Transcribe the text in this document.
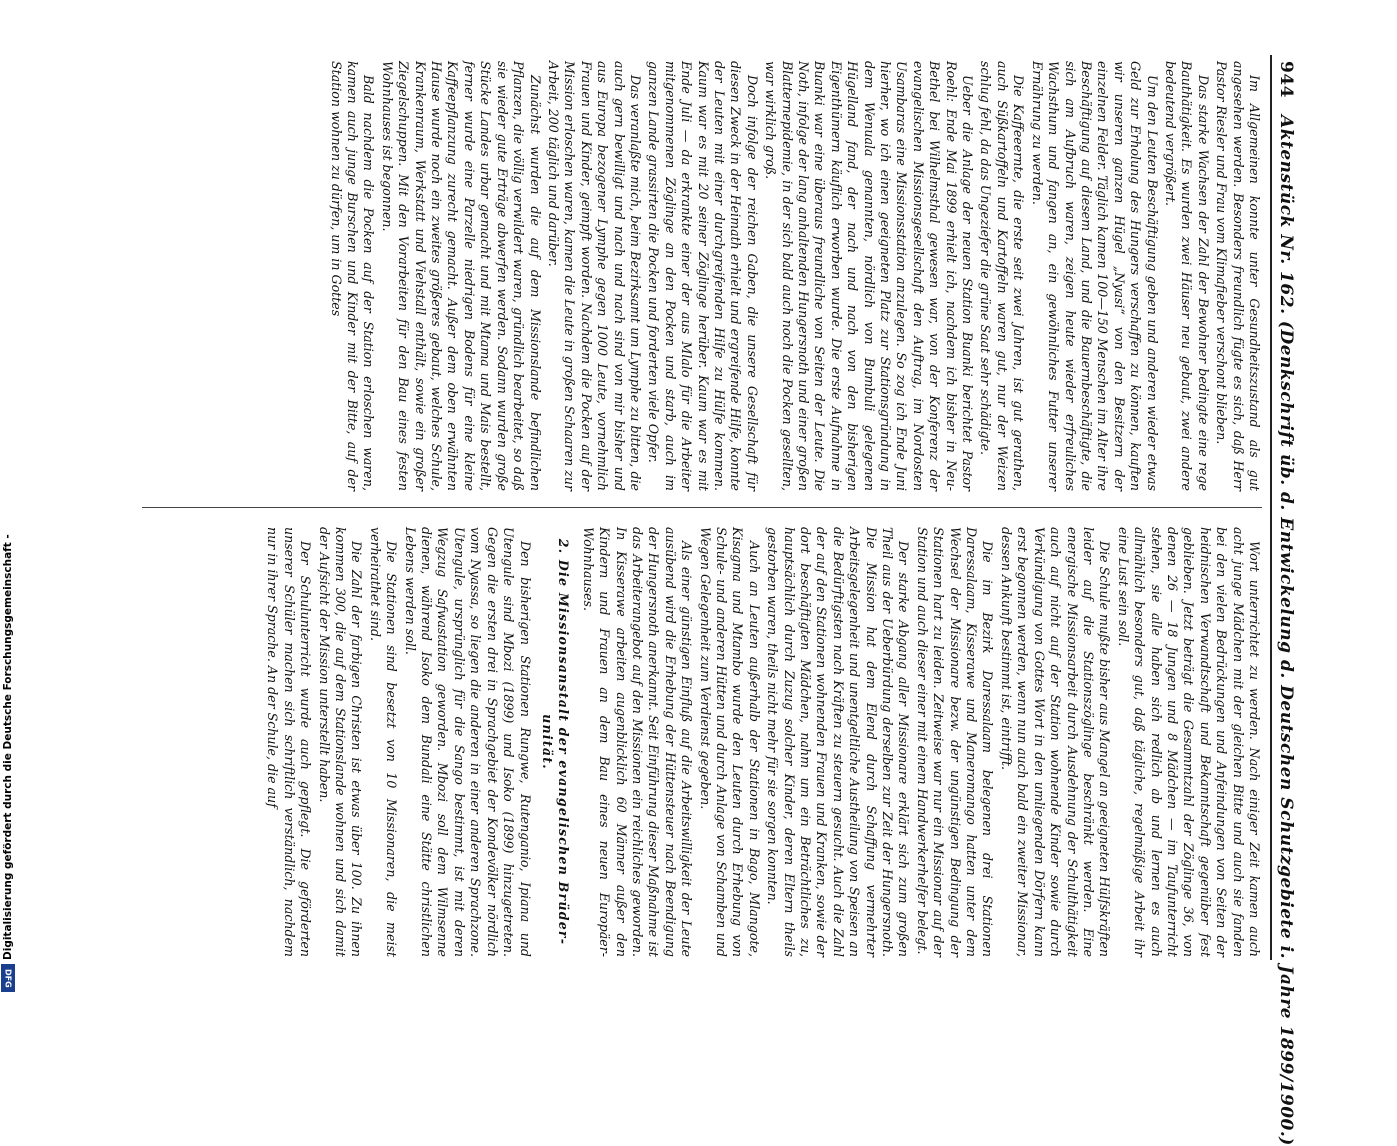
944
Aktenstück Nr. 162. (Denkschrift üb. d. Entwickelung d. Deutschen Schutzgebiete i. Jahre 1899/1900.)

Im Allgemeinen konnte unter Gesundheitszustand als gut angesehen werden. Besonders freundlich fügte es sich, daß Herr Pastor Riesler und Frau vom Klimafieber verschont blieben.

Das starke Wachsen der Zahl der Bewohner bedingte eine rege Bauthätigkeit. Es wurden zwei Häuser neu gebaut, zwei andere bedeutend vergrößert.

Um den Leuten Beschäftigung geben und anderen wieder etwas Geld zur Erholung des Hungers verschaffen zu können, kauften wir unseren ganzen Hügel „Nyasi“ von den Besitzern der einzelnen Felder. Täglich kamen 100—150 Menschen im Alter ihre Beschäftigung auf diesem Land, und die Bauernbeschäftigte, die sich am Aufbruch waren, zeigen heute wieder erfreuliches Wachsthum und fangen an, ein gewöhnliches Futter unserer Ernährung zu werden.

Die Kaffeeernte, die erste seit zwei Jahren, ist gut gerathen, auch Süßkartoffeln und Kartoffeln waren gut, nur der Weizen schlug fehl, da das Ungeziefer die grüne Saat sehr schädigte.

Ueber die Anlage der neuen Station Buanki berichtet Pastor Roehl: Ende Mai 1899 erhielt ich, nachdem ich bisher in Neu-Bethel bei Wilhelmsthal gewesen war, von der Konferenz der evangelischen Missionsgesellschaft den Auftrag, im Nordosten Usambaras eine Missionsstation anzulegen. So zog ich Ende Juni hierher, wo ich einen geeigneten Platz zur Stationsgründung in dem Wenuala genannten, nördlich von Bumbuli gelegenen Hügelland fand, der nach und nach von den bisherigen Eigenthümern käuflich erworben wurde. Die erste Aufnahme in Buanki war eine überaus freundliche von Seiten der Leute. Die Noth, infolge der lang anhaltenden Hungersnoth und einer großen Blatternepidemie, in der sich bald auch noch die Pocken gesellten, war wirklich groß.

Doch infolge der reichen Gaben, die unsere Gesellschaft für diesen Zweck in der Heimath erhielt und ergreifende Hilfe, konnte der Leuten mit einer durchgreifenden Hilfe zu Hülfe kommen. Kaum war es mit 20 seiner Zöglinge herüber. Kaum war es mit Ende Juli — da erkrankte einer der aus Mlalo für die Arbeiter mitgenommenen Zöglinge an den Pocken und starb, auch im ganzen Lande grassirten die Pocken und forderten viele Opfer.

Das veranlaßte mich, beim Bezirksamt um Lymphe zu bitten, die auch gern bewilligt und nach und nach sind von mir bisher und aus Europa bezogener Lymphe gegen 1000 Leute, vornehmlich Frauen und Kinder, geimpft worden. Nachdem die Pocken auf der Mission erloschen waren, kamen die Leute in großen Schaaren zur Arbeit, 200 täglich und darüber.

Zunächst wurden die auf dem Missionslande befindlichen Pflanzen, die völlig verwildert waren, gründlich bearbeitet, so daß sie wieder gute Erträge abwerfen werden. Sodann wurden große Stücke Landes urbar gemacht und mit Mtama und Mais bestellt, ferner wurde eine Parzelle niedrigen Bodens für eine kleine Kaffeepflanzung zurecht gemacht. Außer dem oben erwähnten Hause wurde noch ein zweites größeres gebaut, welches Schule, Krankenraum, Werkstatt und Viehstall enthält, sowie ein großer Ziegelschuppen. Mit den Vorarbeiten für den Bau eines festen Wohnhauses ist begonnen.

Bald nachdem die Pocken auf der Station erloschen waren, kamen auch junge Burschen und Kinder mit der Bitte, auf der Station wohnen zu dürfen, um in Gottes

Wort unterrichtet zu werden. Nach einiger Zeit kamen auch acht junge Mädchen mit der gleichen Bitte und auch sie fanden bei den vielen Bedrückungen und Anfeindungen von Seiten der heidnischen Verwandtschaft und Bekanntschaft gegenüber fest geblieben. Jetzt beträgt die Gesammtzahl der Zöglinge 36, von denen 26 — 18 Jungen und 8 Mädchen — im Taufunterricht stehen, sie alle haben sich redlich ab und lernen es auch allmählich besonders gut, daß tägliche, regelmäßige Arbeit ihr eine Lust sein soll.

Die Schule mußte bisher aus Mangel an geeigneten Hülfskräften leider auf die Stationszöglinge beschränkt werden. Eine energische Missionsarbeit durch Ausdehnung der Schulthätigkeit auch auf nicht auf der Station wohnende Kinder sowie durch Verkündigung von Gottes Wort in den umliegenden Dörfern kann erst begonnen werden, wenn nun auch bald ein zweiter Missionar, dessen Ankunft bestimmt ist, eintrifft.

Die im Bezirk Daressalaam belegenen drei Stationen Daressalaam, Kisserawe und Maneromango hatten unter dem Wechsel der Missionare bezw. der ungünstigen Bedingung der Stationen hart zu leiden. Zeitweise war nur ein Missionar auf der Station und auch dieser einer mit einem Handwerkerhelfer belegt.

Der starke Abgang aller Missionare erklärt sich zum großen Theil aus der Ueberbürdung derselben zur Zeit der Hungersnoth. Die Mission hat dem Elend durch Schaffung vermehrter Arbeitsgelegenheit und unentgeltliche Austheilung von Speisen an die Bedürftigsten nach Kräften zu steuern gesucht. Auch die Zahl der auf den Stationen wohnenden Frauen und Kranken, sowie der dort beschäftigten Mädchen, nahm um ein Beträchtliches zu, hauptsächlich durch Zuzug solcher Kinder, deren Eltern theils gestorben waren, theils nicht mehr für sie sorgen konnten.

Auch an Leuten außerhalb der Stationen in Bago, Mlangote, Kisagma und Mtambo wurde den Leuten durch Erhebung von Schule- und anderen Hütten und durch Anlage von Schamben und Wegen Gelegenheit zum Verdienst gegeben.

Als einer günstigen Einfluß auf die Arbeitswilligkeit der Leute ausübend wird die Erhebung der Hüttensteuer nach Beendigung der Hungersnoth anerkannt. Seit Einführung dieser Maßnahme ist das Arbeiterangebot auf den Missionen ein reichliches geworden. In Kisserawe arbeiten augenblicklich 60 Männer außer den Kindern und Frauen an dem Bau eines neuen Europäer-Wohnhauses.

2. Die Missionsanstalt der evangelischen Brüder-unität.

Den bisherigen Stationen Rungwe, Rutenganio, Ipiana und Utengule sind Mbozi (1899) und Isoko (1899) hinzugetreten. Gegen die ersten drei in Sprachgebiet der Kondevölker nördlich vom Nyassa, so liegen die anderen in einer anderen Sprachzone. Utengule, ursprünglich für die Sango bestimmt, ist mit deren Wegzug Safwastation geworden. Mbozi soll dem Wilmsenne dienen, während Isoko dem Bundali eine Stätte christlichen Lebens werden soll.

Die Stationen sind besetzt von 10 Missionaren, die meist verheirathet sind.

Die Zahl der farbigen Christen ist etwas über 100. Zu ihnen kommen 300, die auf dem Stationslande wohnen und sich damit der Aufsicht der Mission unterstellt haben.

Der Schulunterricht wurde auch gepflegt. Die geförderten unserer Schüler machen sich schriftlich verständlich, nachdem nur in ihrer Sprache. An der Schule, die auf

Digitalisierung gefördert durch die Deutsche Forschungsgemeinschaft -
DFG
